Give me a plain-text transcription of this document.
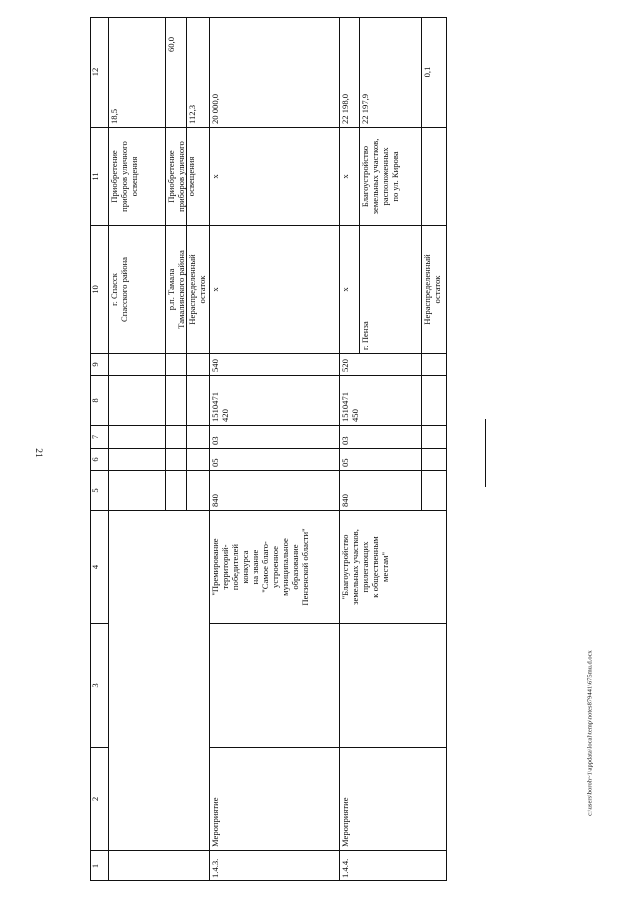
21
c:\users\boroh~1\appdata\local\temp\notes879441\675mu.d.ocx
1
2
3
4
5
6
7
8
9
10
11
12
г. Спасск Спасского района
Приобретение приборов уличного освещения
18,5
р.п. Тамала Тамалинского района
Приобретение приборов уличного освещения
60,0
Нераспределенный остаток
112,3
1.4.3.
Мероприятие
"Премирование территорий- победителей конкурса на звание "Самое благо- устроенное муниципальное образование Пензенской области"
840
05
03
1510471 420
540
x
x
20 000,0
1.4.4.
Мероприятие
"Благоустройство земельных участков, прилегающих к общественным местам"
840
05
03
1510471 450
520
x
x
22 198,0
г. Пенза
Благоустройство земельных участков, расположенных по ул. Кирова
22 197,9
Нераспределенный остаток
0,1
